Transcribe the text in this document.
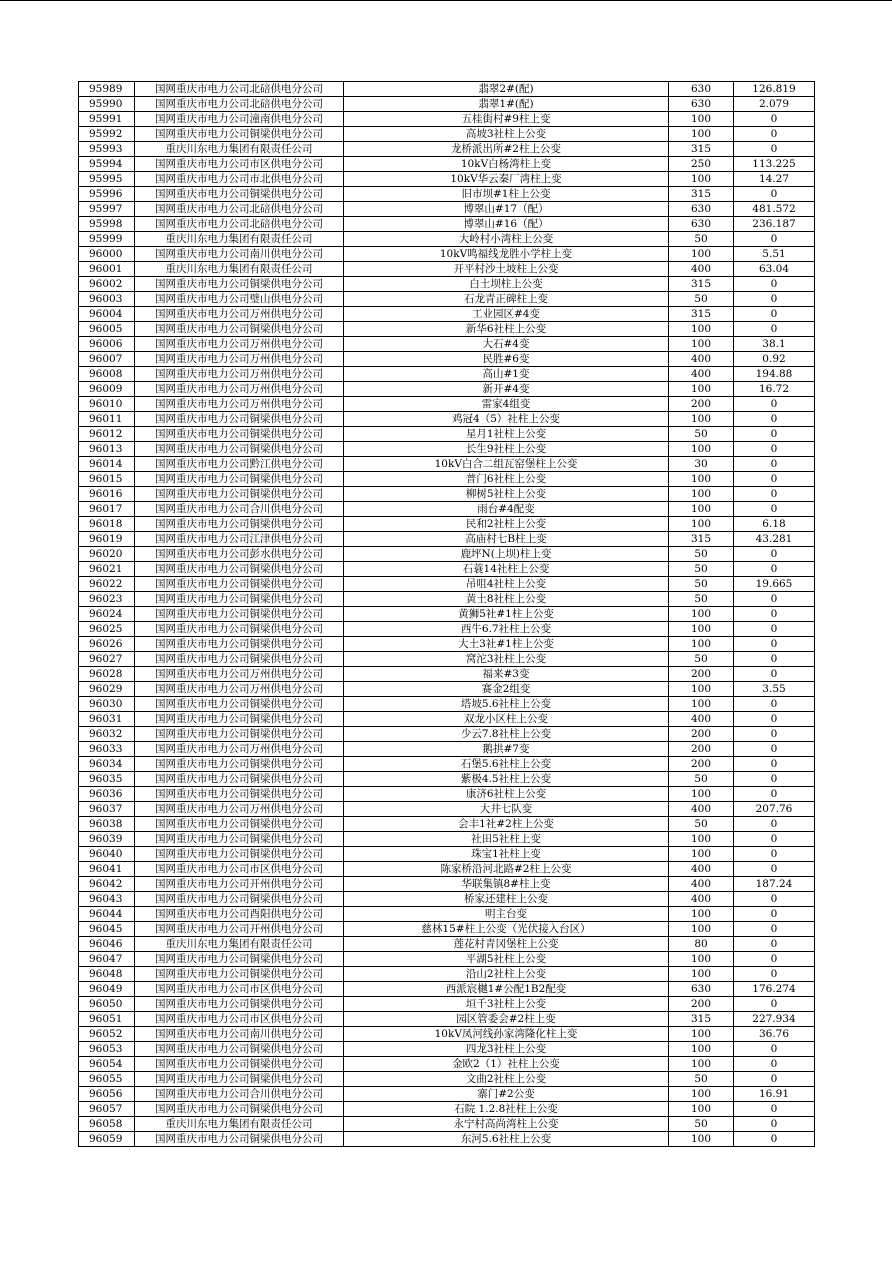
95989	国网重庆市电力公司北碚供电分公司	翡翠2#(配)	630	126.819
95990	国网重庆市电力公司北碚供电分公司	翡翠1#(配)	630	2.079
95991	国网重庆市电力公司潼南供电分公司	五桂街村#9柱上变	100	0
95992	国网重庆市电力公司铜梁供电分公司	高坡3社柱上公变	100	0
95993	重庆川东电力集团有限责任公司	龙桥派出所#2柱上公变	315	0
95994	国网重庆市电力公司市区供电分公司	10kV白杨湾柱上变	250	113.225
95995	国网重庆市电力公司市北供电分公司	10kV华云秦厂湾柱上变	100	14.27
95996	国网重庆市电力公司铜梁供电分公司	旧市坝#1柱上公变	315	0
95997	国网重庆市电力公司北碚供电分公司	博翠山#17（配）	630	481.572
95998	国网重庆市电力公司北碚供电分公司	博翠山#16（配）	630	236.187
95999	重庆川东电力集团有限责任公司	大岭村小湾柱上公变	50	0
96000	国网重庆市电力公司南川供电分公司	10kV鸣福线龙胜小学柱上变	100	5.51
96001	重庆川东电力集团有限责任公司	开平村沙土坡柱上公变	400	63.04
96002	国网重庆市电力公司铜梁供电分公司	白土坝柱上公变	315	0
96003	国网重庆市电力公司璧山供电分公司	石龙青正碑柱上变	50	0
96004	国网重庆市电力公司万州供电分公司	工业园区#4变	315	0
96005	国网重庆市电力公司铜梁供电分公司	新华6社柱上公变	100	0
96006	国网重庆市电力公司万州供电分公司	大石#4变	100	38.1
96007	国网重庆市电力公司万州供电分公司	民胜#6变	400	0.92
96008	国网重庆市电力公司万州供电分公司	高山#1变	400	194.88
96009	国网重庆市电力公司万州供电分公司	新开#4变	100	16.72
96010	国网重庆市电力公司万州供电分公司	雷家4组变	200	0
96011	国网重庆市电力公司铜梁供电分公司	鸡冠4（5）社柱上公变	100	0
96012	国网重庆市电力公司铜梁供电分公司	星月1社柱上公变	50	0
96013	国网重庆市电力公司铜梁供电分公司	长生9社柱上公变	100	0
96014	国网重庆市电力公司黔江供电分公司	10kV白合二组瓦窑堡柱上公变	30	0
96015	国网重庆市电力公司铜梁供电分公司	普门6社柱上公变	100	0
96016	国网重庆市电力公司铜梁供电分公司	柳树5社柱上公变	100	0
96017	国网重庆市电力公司合川供电分公司	雨台#4配变	100	0
96018	国网重庆市电力公司铜梁供电分公司	民和2社柱上公变	100	6.18
96019	国网重庆市电力公司江津供电分公司	高庙村七B柱上变	315	43.281
96020	国网重庆市电力公司彭水供电分公司	鹿坪N(上坝)柱上变	50	0
96021	国网重庆市电力公司铜梁供电分公司	石蓑14社柱上公变	50	0
96022	国网重庆市电力公司铜梁供电分公司	吊咀4社柱上公变	50	19.665
96023	国网重庆市电力公司铜梁供电分公司	黄土8社柱上公变	50	0
96024	国网重庆市电力公司铜梁供电分公司	黄狮5社#1柱上公变	100	0
96025	国网重庆市电力公司铜梁供电分公司	西牛6.7社柱上公变	100	0
96026	国网重庆市电力公司铜梁供电分公司	大土3社#1柱上公变	100	0
96027	国网重庆市电力公司铜梁供电分公司	窝沱3社柱上公变	50	0
96028	国网重庆市电力公司万州供电分公司	福来#3变	200	0
96029	国网重庆市电力公司万州供电分公司	赛金2组变	100	3.55
96030	国网重庆市电力公司铜梁供电分公司	塔坡5.6社柱上公变	100	0
96031	国网重庆市电力公司铜梁供电分公司	双龙小区柱上公变	400	0
96032	国网重庆市电力公司铜梁供电分公司	少云7.8社柱上公变	200	0
96033	国网重庆市电力公司万州供电分公司	鹅拱#7变	200	0
96034	国网重庆市电力公司铜梁供电分公司	石堡5.6社柱上公变	200	0
96035	国网重庆市电力公司铜梁供电分公司	紫极4.5社柱上公变	50	0
96036	国网重庆市电力公司铜梁供电分公司	康济6社柱上公变	100	0
96037	国网重庆市电力公司万州供电分公司	大井七队变	400	207.76
96038	国网重庆市电力公司铜梁供电分公司	会丰1社#2柱上公变	50	0
96039	国网重庆市电力公司铜梁供电分公司	社田5社柱上变	100	0
96040	国网重庆市电力公司铜梁供电分公司	珠宝1社柱上变	100	0
96041	国网重庆市电力公司市区供电分公司	陈家桥沿河北路#2柱上公变	400	0
96042	国网重庆市电力公司开州供电分公司	华联集镇8#柱上变	400	187.24
96043	国网重庆市电力公司铜梁供电分公司	桥家还建柱上公变	400	0
96044	国网重庆市电力公司酉阳供电分公司	明主台变	100	0
96045	国网重庆市电力公司开州供电分公司	慈林15#柱上公变（光伏接入台区）	100	0
96046	重庆川东电力集团有限责任公司	莲花村青冈堡柱上公变	80	0
96047	国网重庆市电力公司铜梁供电分公司	平湖5社柱上公变	100	0
96048	国网重庆市电力公司铜梁供电分公司	沿山2社柱上公变	100	0
96049	国网重庆市电力公司市区供电分公司	西派宸樾1#公配1B2配变	630	176.274
96050	国网重庆市电力公司铜梁供电分公司	垣千3社柱上公变	200	0
96051	国网重庆市电力公司市区供电分公司	园区管委会#2柱上变	315	227.934
96052	国网重庆市电力公司南川供电分公司	10kV凤河线孙家湾隆化柱上变	100	36.76
96053	国网重庆市电力公司铜梁供电分公司	四龙3社柱上公变	100	0
96054	国网重庆市电力公司铜梁供电分公司	金欧2（1）社柱上公变	100	0
96055	国网重庆市电力公司铜梁供电分公司	文曲2社柱上公变	50	0
96056	国网重庆市电力公司合川供电分公司	寨门#2公变	100	16.91
96057	国网重庆市电力公司铜梁供电分公司	石院 1.2.8社柱上公变	100	0
96058	重庆川东电力集团有限责任公司	永宁村高尚湾柱上公变	50	0
96059	国网重庆市电力公司铜梁供电分公司	东河5.6社柱上公变	100	0
